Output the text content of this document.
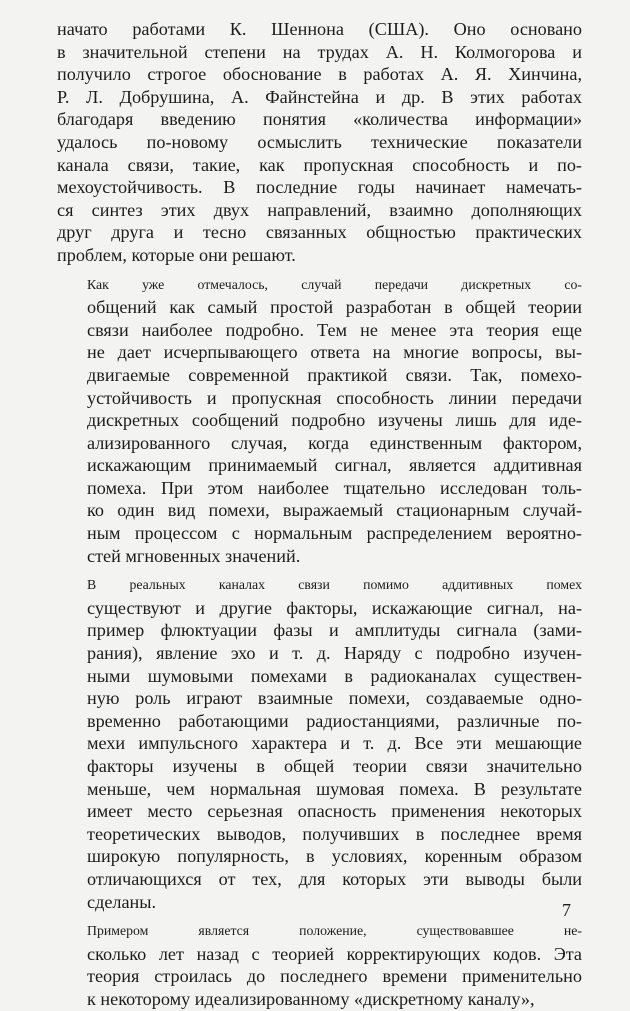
начато работами К. Шеннона (США). Оно основано
в значительной степени на трудах А. Н. Колмогорова и
получило строгое обоснование в работах А. Я. Хинчина,
Р. Л. Добрушина, А. Файнстейна и др. В этих работах
благодаря введению понятия «количества информации»
удалось по-новому осмыслить технические показатели
канала связи, такие, как пропускная способность и по-
мехоустойчивость. В последние годы начинает намечать-
ся синтез этих двух направлений, взаимно дополняющих
друг друга и тесно связанных общностью практических
проблем, которые они решают.

Как уже отмечалось, случай передачи дискретных со-
общений как самый простой разработан в общей теории
связи наиболее подробно. Тем не менее эта теория еще
не дает исчерпывающего ответа на многие вопросы, вы-
двигаемые современной практикой связи. Так, помехо-
устойчивость и пропускная способность линии передачи
дискретных сообщений подробно изучены лишь для иде-
ализированного случая, когда единственным фактором,
искажающим принимаемый сигнал, является аддитивная
помеха. При этом наиболее тщательно исследован толь-
ко один вид помехи, выражаемый стационарным случай-
ным процессом с нормальным распределением вероятно-
стей мгновенных значений.

В реальных каналах связи помимо аддитивных помех
существуют и другие факторы, искажающие сигнал, на-
пример флюктуации фазы и амплитуды сигнала (зами-
рания), явление эхо и т. д. Наряду с подробно изучен-
ными шумовыми помехами в радиоканалах существен-
ную роль играют взаимные помехи, создаваемые одно-
временно работающими радиостанциями, различные по-
мехи импульсного характера и т. д. Все эти мешающие
факторы изучены в общей теории связи значительно
меньше, чем нормальная шумовая помеха. В результате
имеет место серьезная опасность применения некоторых
теоретических выводов, получивших в последнее время
широкую популярность, в условиях, коренным образом
отличающихся от тех, для которых эти выводы были
сделаны.

Примером является положение, существовавшее не-
сколько лет назад с теорией корректирующих кодов. Эта
теория строилась до последнего времени применительно
к некоторому идеализированному «дискретному каналу»,

7
